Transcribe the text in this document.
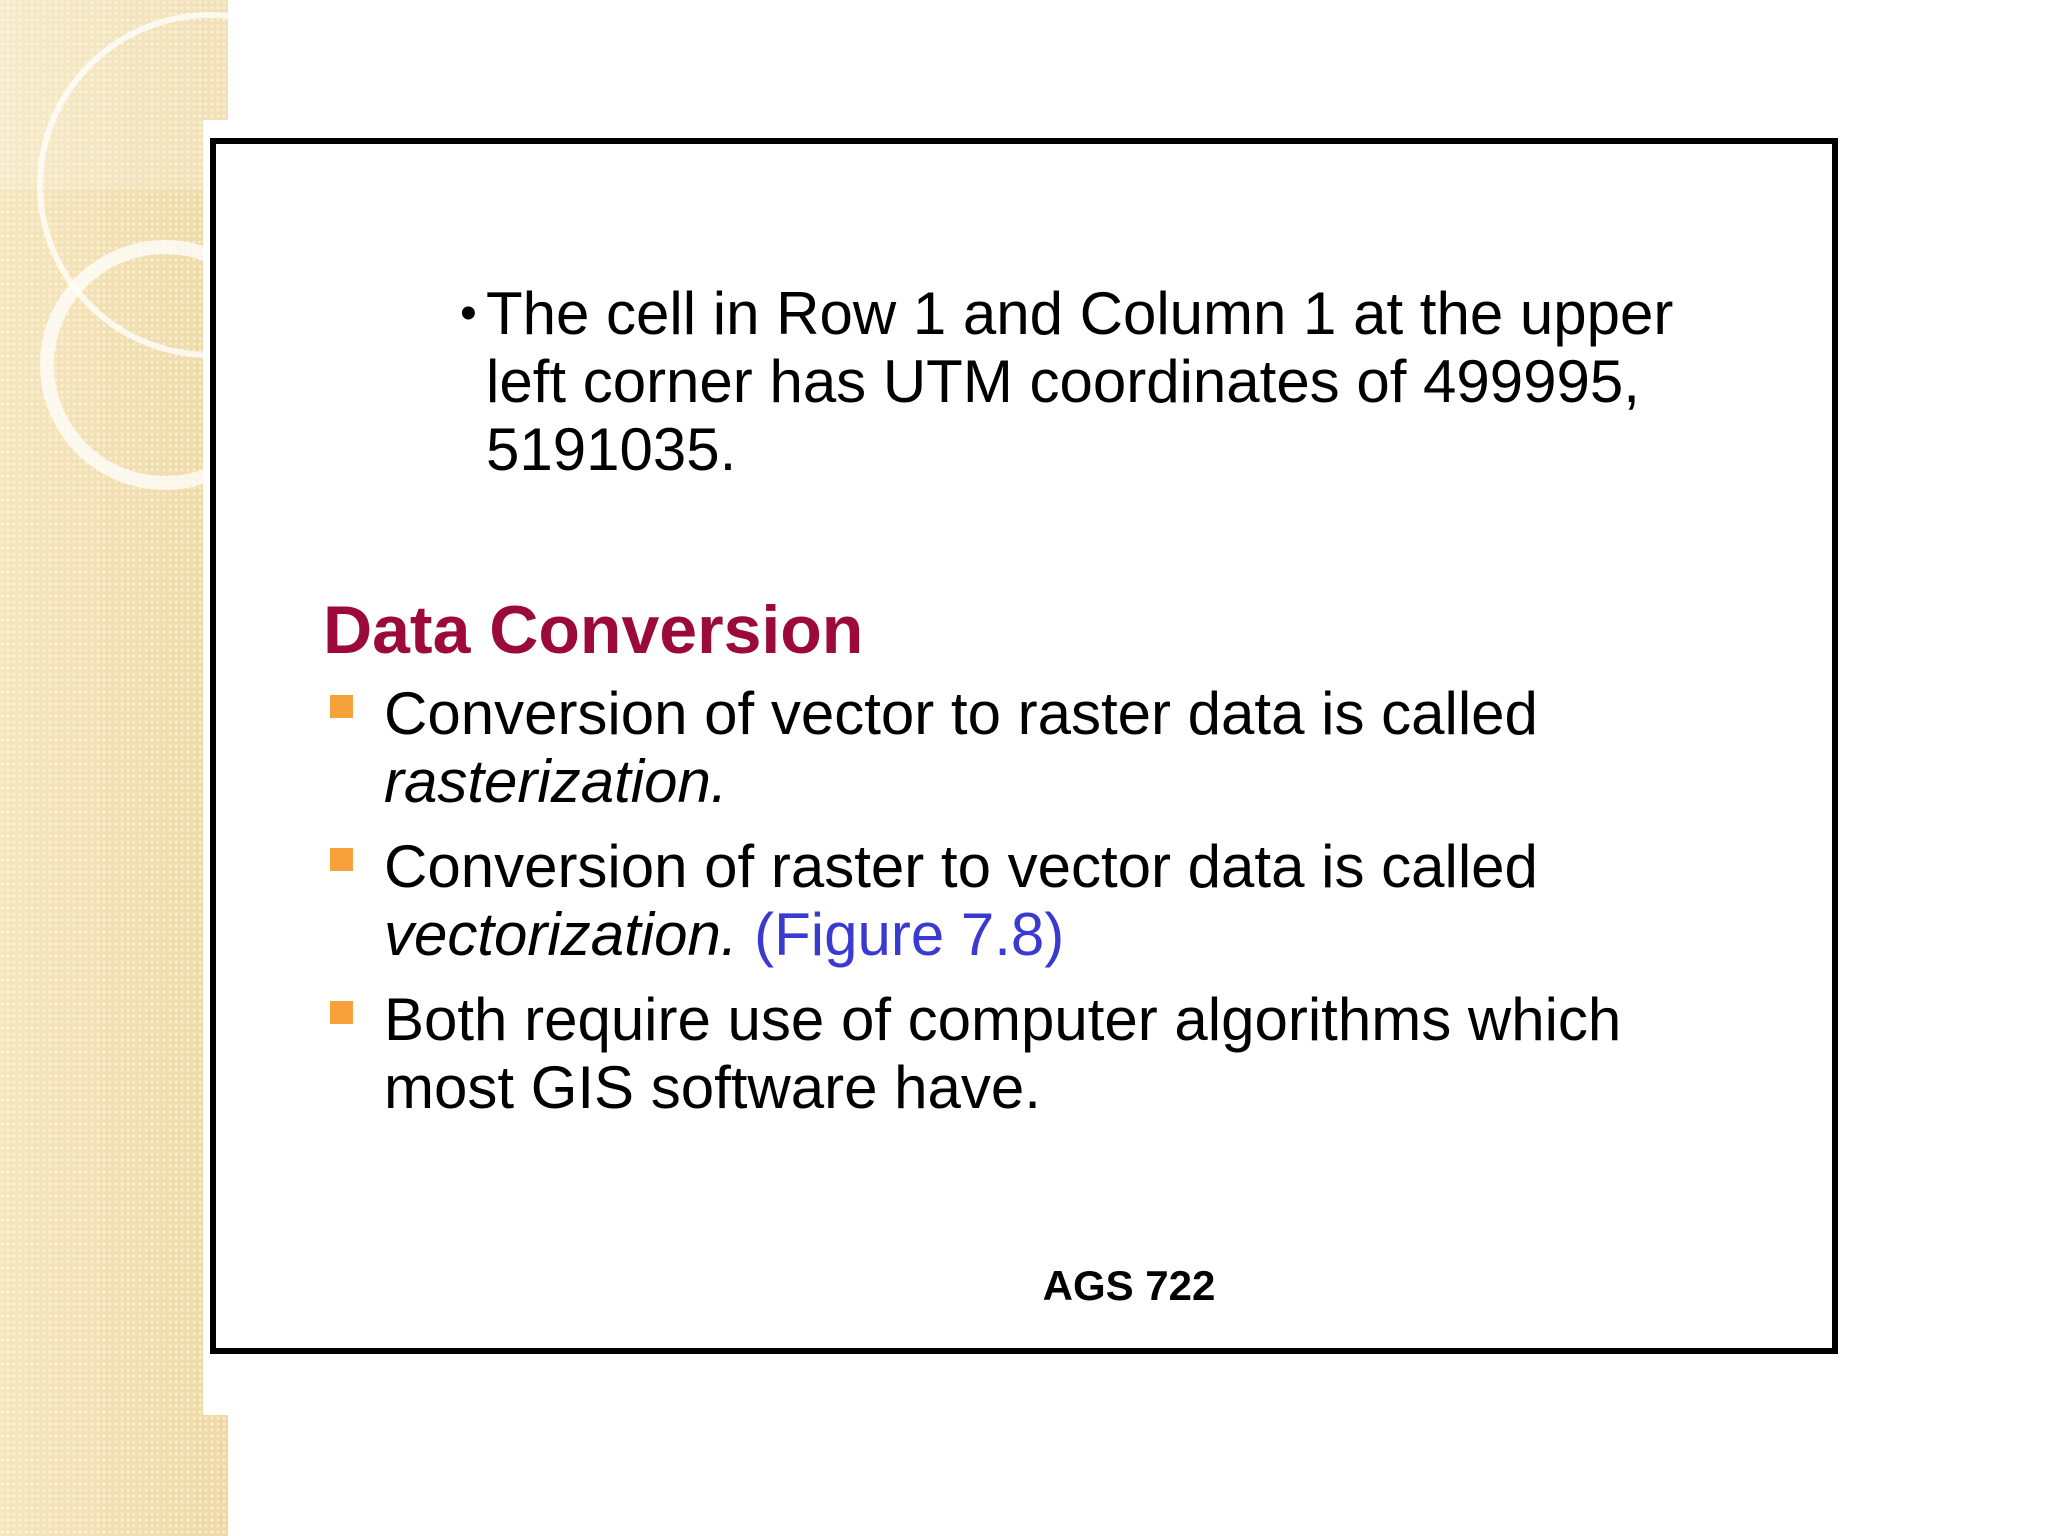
• The cell in Row 1 and Column 1 at the upper left corner has UTM coordinates of 499995, 5191035.
Data Conversion
Conversion of vector to raster data is called rasterization.
Conversion of raster to vector data is called vectorization. (Figure 7.8)
Both require use of computer algorithms which most GIS software have.
AGS 722
